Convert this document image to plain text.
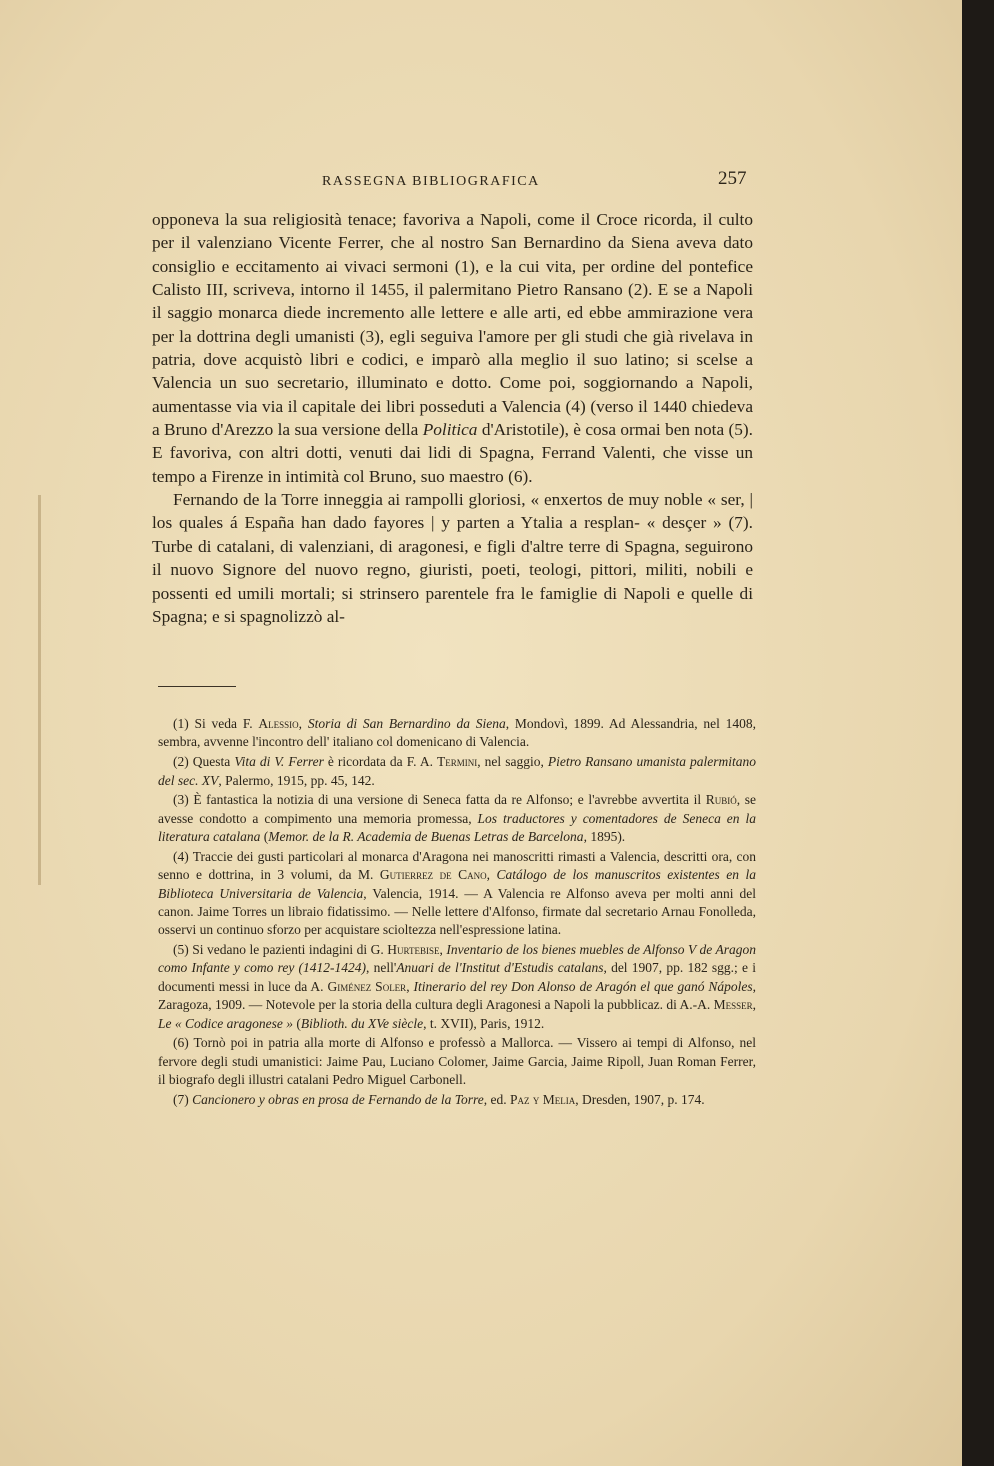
RASSEGNA BIBLIOGRAFICA	257

opponeva la sua religiosità tenace; favoriva a Napoli, come il Croce ricorda, il culto per il valenziano Vicente Ferrer, che al nostro San Bernardino da Siena aveva dato consiglio e eccitamento ai vivaci sermoni (1), e la cui vita, per ordine del pontefice Calisto III, scriveva, intorno il 1455, il palermitano Pietro Ransano (2). E se a Napoli il saggio monarca diede incremento alle lettere e alle arti, ed ebbe ammirazione vera per la dottrina degli umanisti (3), egli seguiva l'amore per gli studi che già rivelava in patria, dove acquistò libri e codici, e imparò alla meglio il suo latino; si scelse a Valencia un suo secretario, illuminato e dotto. Come poi, soggiornando a Napoli, aumentasse via via il capitale dei libri posseduti a Valencia (4) (verso il 1440 chiedeva a Bruno d'Arezzo la sua versione della Politica d'Aristotile), è cosa ormai ben nota (5). E favoriva, con altri dotti, venuti dai lidi di Spagna, Ferrand Valenti, che visse un tempo a Firenze in intimità col Bruno, suo maestro (6).

Fernando de la Torre inneggia ai rampolli gloriosi, « enxertos de muy noble « ser, | los quales á España han dado fayores | y parten a Ytalia a resplan- « desçer » (7). Turbe di catalani, di valenziani, di aragonesi, e figli d'altre terre di Spagna, seguirono il nuovo Signore del nuovo regno, giuristi, poeti, teologi, pittori, militi, nobili e possenti ed umili mortali; si strinsero parentele fra le famiglie di Napoli e quelle di Spagna; e si spagnolizzò al-

(1) Si veda F. Alessio, Storia di San Bernardino da Siena, Mondovì, 1899. Ad Alessandria, nel 1408, sembra, avvenne l'incontro dell' italiano col domenicano di Valencia.

(2) Questa Vita di V. Ferrer è ricordata da F. A. Termini, nel saggio, Pietro Ransano umanista palermitano del sec. XV, Palermo, 1915, pp. 45, 142.

(3) È fantastica la notizia di una versione di Seneca fatta da re Alfonso; e l'avrebbe avvertita il Rubió, se avesse condotto a compimento una memoria promessa, Los traductores y comentadores de Seneca en la literatura catalana (Memor. de la R. Academia de Buenas Letras de Barcelona, 1895).

(4) Traccie dei gusti particolari al monarca d'Aragona nei manoscritti rimasti a Valencia, descritti ora, con senno e dottrina, in 3 volumi, da M. Gutierrez de Cano, Catálogo de los manuscritos existentes en la Biblioteca Universitaria de Valencia, Valencia, 1914. — A Valencia re Alfonso aveva per molti anni del canon. Jaime Torres un libraio fidatissimo. — Nelle lettere d'Alfonso, firmate dal secretario Arnau Fonolleda, osservi un continuo sforzo per acquistare scioltezza nell'espressione latina.

(5) Si vedano le pazienti indagini di G. Hurtebise, Inventario de los bienes muebles de Alfonso V de Aragon como Infante y como rey (1412-1424), nell'Anuari de l'Institut d'Estudis catalans, del 1907, pp. 182 sgg.; e i documenti messi in luce da A. Giménez Soler, Itinerario del rey Don Alonso de Aragón el que ganó Nápoles, Zaragoza, 1909. — Notevole per la storia della cultura degli Aragonesi a Napoli la pubblicaz. di A.-A. Messer, Le « Codice aragonese » (Biblioth. du XVe siècle, t. XVII), Paris, 1912.

(6) Tornò poi in patria alla morte di Alfonso e professò a Mallorca. — Vissero ai tempi di Alfonso, nel fervore degli studi umanistici: Jaime Pau, Luciano Colomer, Jaime Garcia, Jaime Ripoll, Juan Roman Ferrer, il biografo degli illustri catalani Pedro Miguel Carbonell.

(7) Cancionero y obras en prosa de Fernando de la Torre, ed. Paz y Melia, Dresden, 1907, p. 174.
